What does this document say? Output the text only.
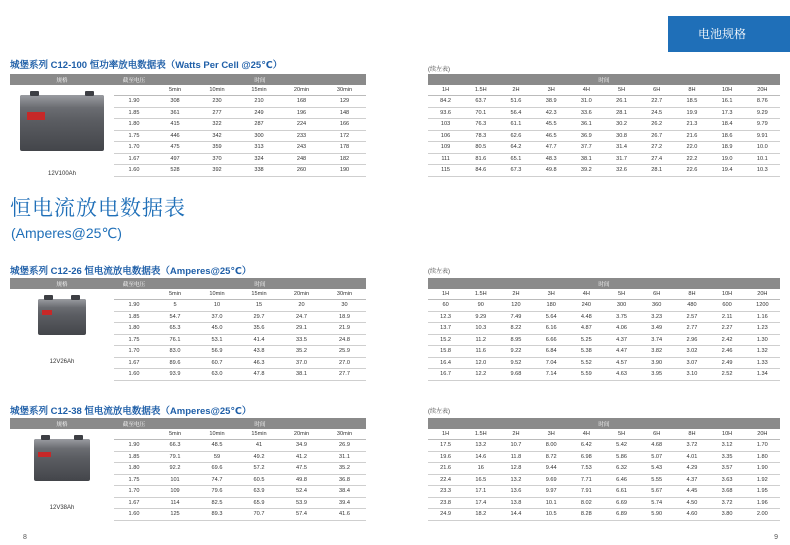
电池规格
城堡系列 C12-100 恒功率放电数据表（Watts Per Cell @25℃）	(续左表)
规格	截至电压	时间					

12V100Ah		5min	10min	15min	20min	30min		
	1.90	308	230	210	168	129		
	1.85	361	277	249	196	148		
	1.80	415	322	287	224	166		
	1.75	446	342	300	233	172		
	1.70	475	359	313	243	178		
	1.67	497	370	324	248	182		
	1.60	528	392	338	260	190		
时间									
1H	1.5H	2H	3H	4H	5H	6H	8H	10H	20H
84.2	63.7	51.6	38.9	31.0	26.1	22.7	18.5	16.1	8.76
93.6	70.1	56.4	42.3	33.6	28.1	24.5	19.9	17.3	9.29
103	76.3	61.1	45.5	36.1	30.2	26.2	21.3	18.4	9.79
106	78.3	62.6	46.5	36.9	30.8	26.7	21.6	18.6	9.91
109	80.5	64.2	47.7	37.7	31.4	27.2	22.0	18.9	10.0
111	81.6	65.1	48.3	38.1	31.7	27.4	22.2	19.0	10.1
115	84.6	67.3	49.8	39.2	32.6	28.1	22.6	19.4	10.3
恒电流放电数据表
(Amperes@25℃)
城堡系列 C12-26 恒电流放电数据表（Amperes@25℃）	(续左表)
规格	截至电压	时间					

12V26Ah		5min	10min	15min	20min	30min		
	1.90	5	10	15	20	30		
	1.85	54.7	37.0	29.7	24.7	18.9		
	1.80	65.3	45.0	35.6	29.1	21.9		
	1.75	76.1	53.1	41.4	33.5	24.8		
	1.70	83.0	56.9	43.8	35.2	25.9		
	1.67	89.6	60.7	46.3	37.0	27.0		
	1.60	93.9	63.0	47.8	38.1	27.7		
时间									
1H	1.5H	2H	3H	4H	5H	6H	8H	10H	20H
60	90	120	180	240	300	360	480	600	1200
12.3	9.29	7.49	5.64	4.48	3.75	3.23	2.57	2.11	1.16
13.7	10.3	8.22	6.16	4.87	4.06	3.49	2.77	2.27	1.23
15.2	11.2	8.95	6.66	5.25	4.37	3.74	2.96	2.42	1.30
15.8	11.6	9.22	6.84	5.38	4.47	3.82	3.02	2.46	1.32
16.4	12.0	9.52	7.04	5.52	4.57	3.90	3.07	2.49	1.33
16.7	12.2	9.68	7.14	5.59	4.63	3.95	3.10	2.52	1.34
城堡系列 C12-38 恒电流放电数据表（Amperes@25℃）	(续左表)
规格	截至电压	时间					

12V38Ah		5min	10min	15min	20min	30min		
	1.90	66.3	48.5	41	34.9	26.9		
	1.85	79.1	59	49.2	41.2	31.1		
	1.80	92.2	69.6	57.2	47.5	35.2		
	1.75	101	74.7	60.5	49.8	36.8		
	1.70	109	79.6	63.9	52.4	38.4		
	1.67	114	82.5	65.9	53.9	39.4		
	1.60	125	89.3	70.7	57.4	41.6		
时间									
1H	1.5H	2H	3H	4H	5H	6H	8H	10H	20H
17.5	13.2	10.7	8.00	6.42	5.42	4.68	3.72	3.12	1.70
19.6	14.6	11.8	8.72	6.98	5.86	5.07	4.01	3.35	1.80
21.6	16	12.8	9.44	7.53	6.32	5.43	4.29	3.57	1.90
22.4	16.5	13.2	9.69	7.71	6.46	5.55	4.37	3.63	1.92
23.3	17.1	13.6	9.97	7.91	6.61	5.67	4.45	3.68	1.95
23.8	17.4	13.8	10.1	8.02	6.69	5.74	4.50	3.72	1.96
24.9	18.2	14.4	10.5	8.28	6.89	5.90	4.60	3.80	2.00
8	9
